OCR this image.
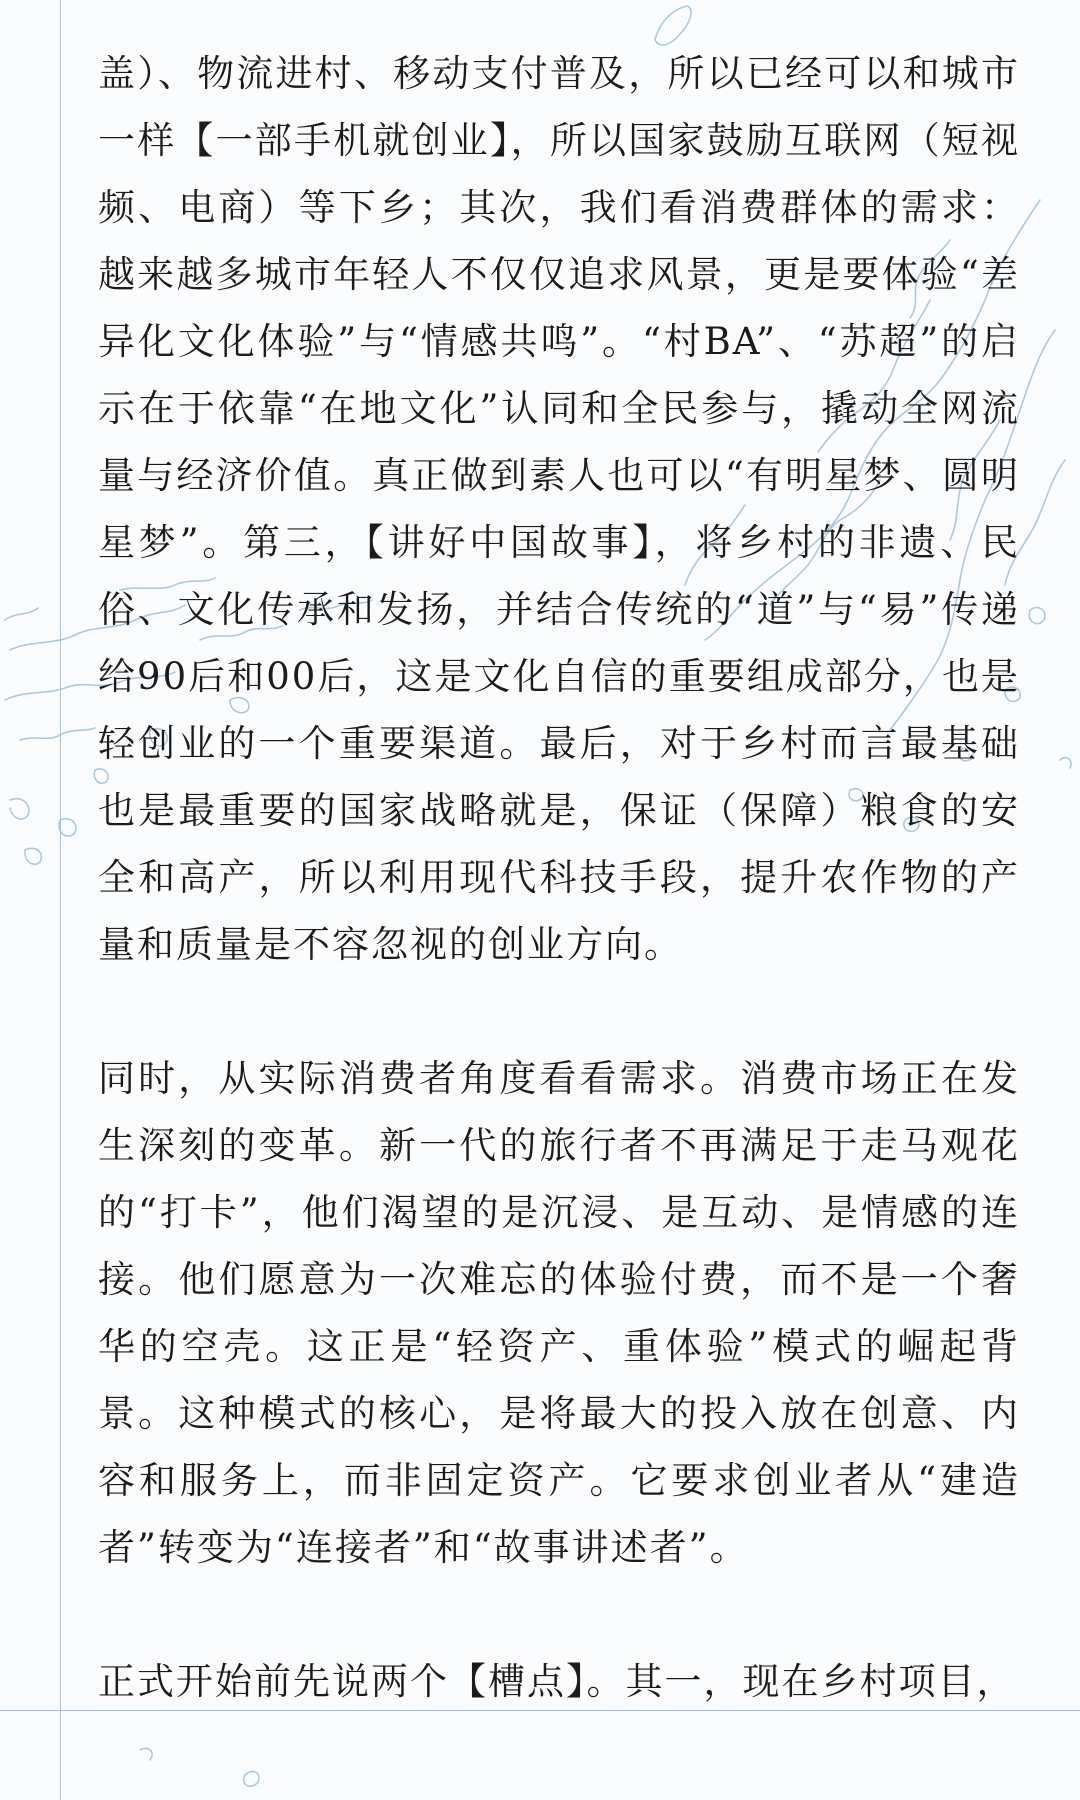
盖）、物流进村、移动支付普及，所以已经可以和城市一样【一部手机就创业】，所以国家鼓励互联网（短视频、电商）等下乡；其次，我们看消费群体的需求：越来越多城市年轻人不仅仅追求风景，更是要体验“差异化文化体验”与“情感共鸣”。“村BA”、“苏超”的启示在于依靠“在地文化”认同和全民参与，撬动全网流量与经济价值。真正做到素人也可以“有明星梦、圆明星梦”。第三，【讲好中国故事】，将乡村的非遗、民俗、文化传承和发扬，并结合传统的“道”与“易”传递给90后和00后，这是文化自信的重要组成部分，也是轻创业的一个重要渠道。最后，对于乡村而言最基础也是最重要的国家战略就是，保证（保障）粮食的安全和高产，所以利用现代科技手段，提升农作物的产量和质量是不容忽视的创业方向。

同时，从实际消费者角度看看需求。消费市场正在发生深刻的变革。新一代的旅行者不再满足于走马观花的“打卡”，他们渴望的是沉浸、是互动、是情感的连接。他们愿意为一次难忘的体验付费，而不是一个奢华的空壳。这正是“轻资产、重体验”模式的崛起背景。这种模式的核心，是将最大的投入放在创意、内容和服务上，而非固定资产。它要求创业者从“建造者”转变为“连接者”和“故事讲述者”。

正式开始前先说两个【槽点】。其一，现在乡村项目，
